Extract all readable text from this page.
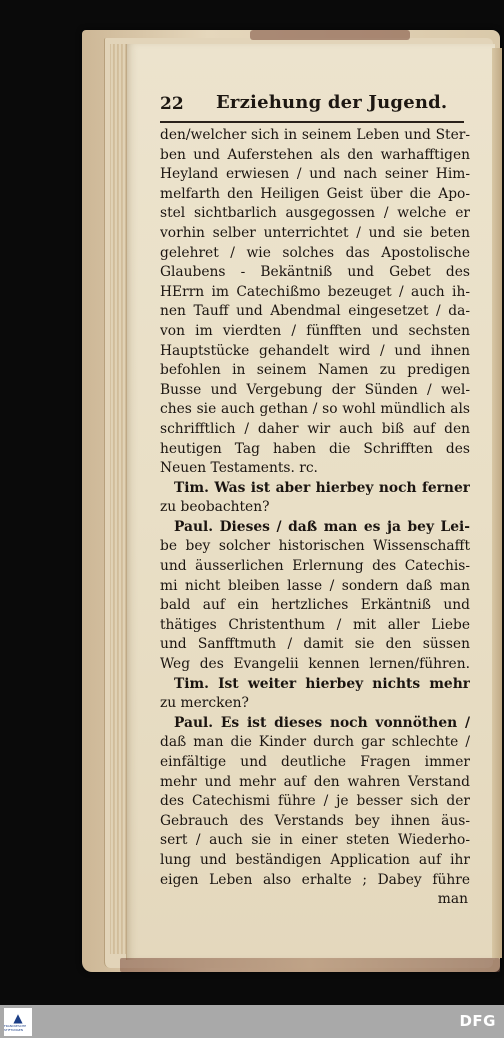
22 Erziehung der Jugend.
den/welcher sich in seinem Leben und Ster-
ben und Auferstehen als den warhafftigen
Heyland erwiesen / und nach seiner Him-
melfarth den Heiligen Geist über die Apo-
stel sichtbarlich ausgegossen / welche er
vorhin selber unterrichtet / und sie beten
gelehret / wie solches das Apostolische
Glaubens - Bekäntniß und Gebet des
HErrn im Catechißmo bezeuget / auch ih-
nen Tauff und Abendmal eingesetzet / da-
von im vierdten / fünfften und sechsten
Hauptstücke gehandelt wird / und ihnen
befohlen in seinem Namen zu predigen
Busse und Vergebung der Sünden / wel-
ches sie auch gethan / so wohl mündlich als
schrifftlich / daher wir auch biß auf den
heutigen Tag haben die Schrifften des
Neuen Testaments. rc.
Tim. Was ist aber hierbey noch ferner
zu beobachten?
Paul. Dieses / daß man es ja bey Lei-
be bey solcher historischen Wissenschafft
und äusserlichen Erlernung des Catechis-
mi nicht bleiben lasse / sondern daß man
bald auf ein hertzliches Erkäntniß und
thätiges Christenthum / mit aller Liebe
und Sanfftmuth / damit sie den süssen
Weg des Evangelii kennen lernen/führen.
Tim. Ist weiter hierbey nichts mehr
zu mercken?
Paul. Es ist dieses noch vonnöthen /
daß man die Kinder durch gar schlechte /
einfältige und deutliche Fragen immer
mehr und mehr auf den wahren Verstand
des Catechismi führe / je besser sich der
Gebrauch des Verstands bey ihnen äus-
sert / auch sie in einer steten Wiederho-
lung und beständigen Application auf ihr
eigen Leben also erhalte ; Dabey führe
man
▲
FRANCKESCHE STIFTUNGEN	DFG
